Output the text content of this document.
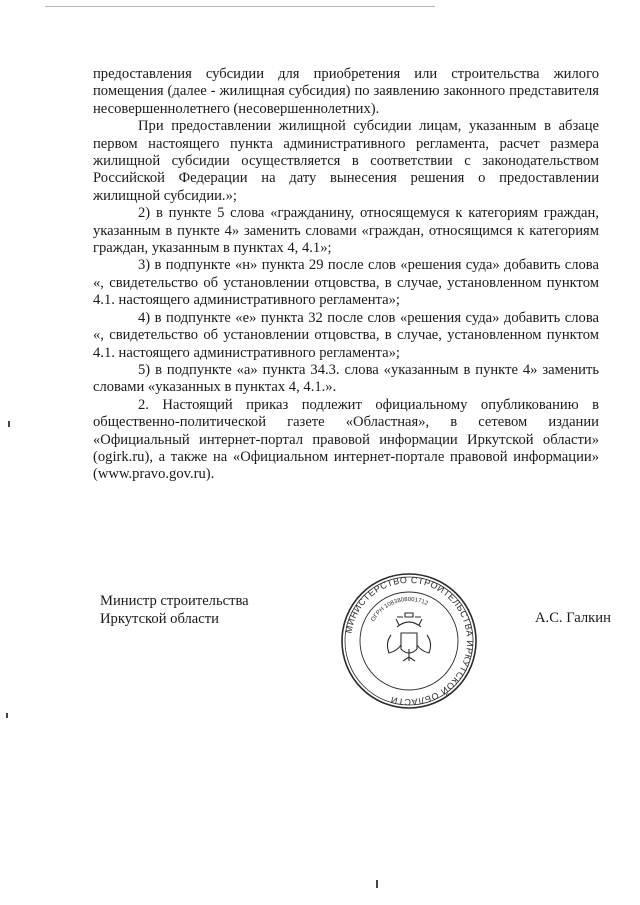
предоставления субсидии для приобретения или строительства жилого помещения (далее - жилищная субсидия) по заявлению законного представителя несовершеннолетнего (несовершеннолетних).

При предоставлении жилищной субсидии лицам, указанным в абзаце первом настоящего пункта административного регламента, расчет размера жилищной субсидии осуществляется в соответствии с законодательством Российской Федерации на дату вынесения решения о предоставлении жилищной субсидии.»;

2) в пункте 5 слова «гражданину, относящемуся к категориям граждан, указанным в пункте 4» заменить словами «граждан, относящимся к категориям граждан, указанным в пунктах 4, 4.1»;

3) в подпункте «н» пункта 29 после слов «решения суда» добавить слова «, свидетельство об установлении отцовства, в случае, установленном пунктом 4.1. настоящего административного регламента»;

4) в подпункте «е» пункта 32 после слов «решения суда» добавить слова «, свидетельство об установлении отцовства, в случае, установленном пунктом 4.1. настоящего административного регламента»;

5) в подпункте «а» пункта 34.3. слова «указанным в пункте 4» заменить словами «указанных в пунктах 4, 4.1.».

2. Настоящий приказ подлежит официальному опубликованию в общественно-политической газете «Областная», в сетевом издании «Официальный интернет-портал правовой информации Иркутской области» (ogirk.ru), а также на «Официальном интернет-портале правовой информации» (www.pravo.gov.ru).

Министр строительства
Иркутской области	А.С. Галкин
МИНИСТЕРСТВО СТРОИТЕЛЬСТВА ИРКУТСКОЙ ОБЛАСТИ
ОГРН 1083808001712
